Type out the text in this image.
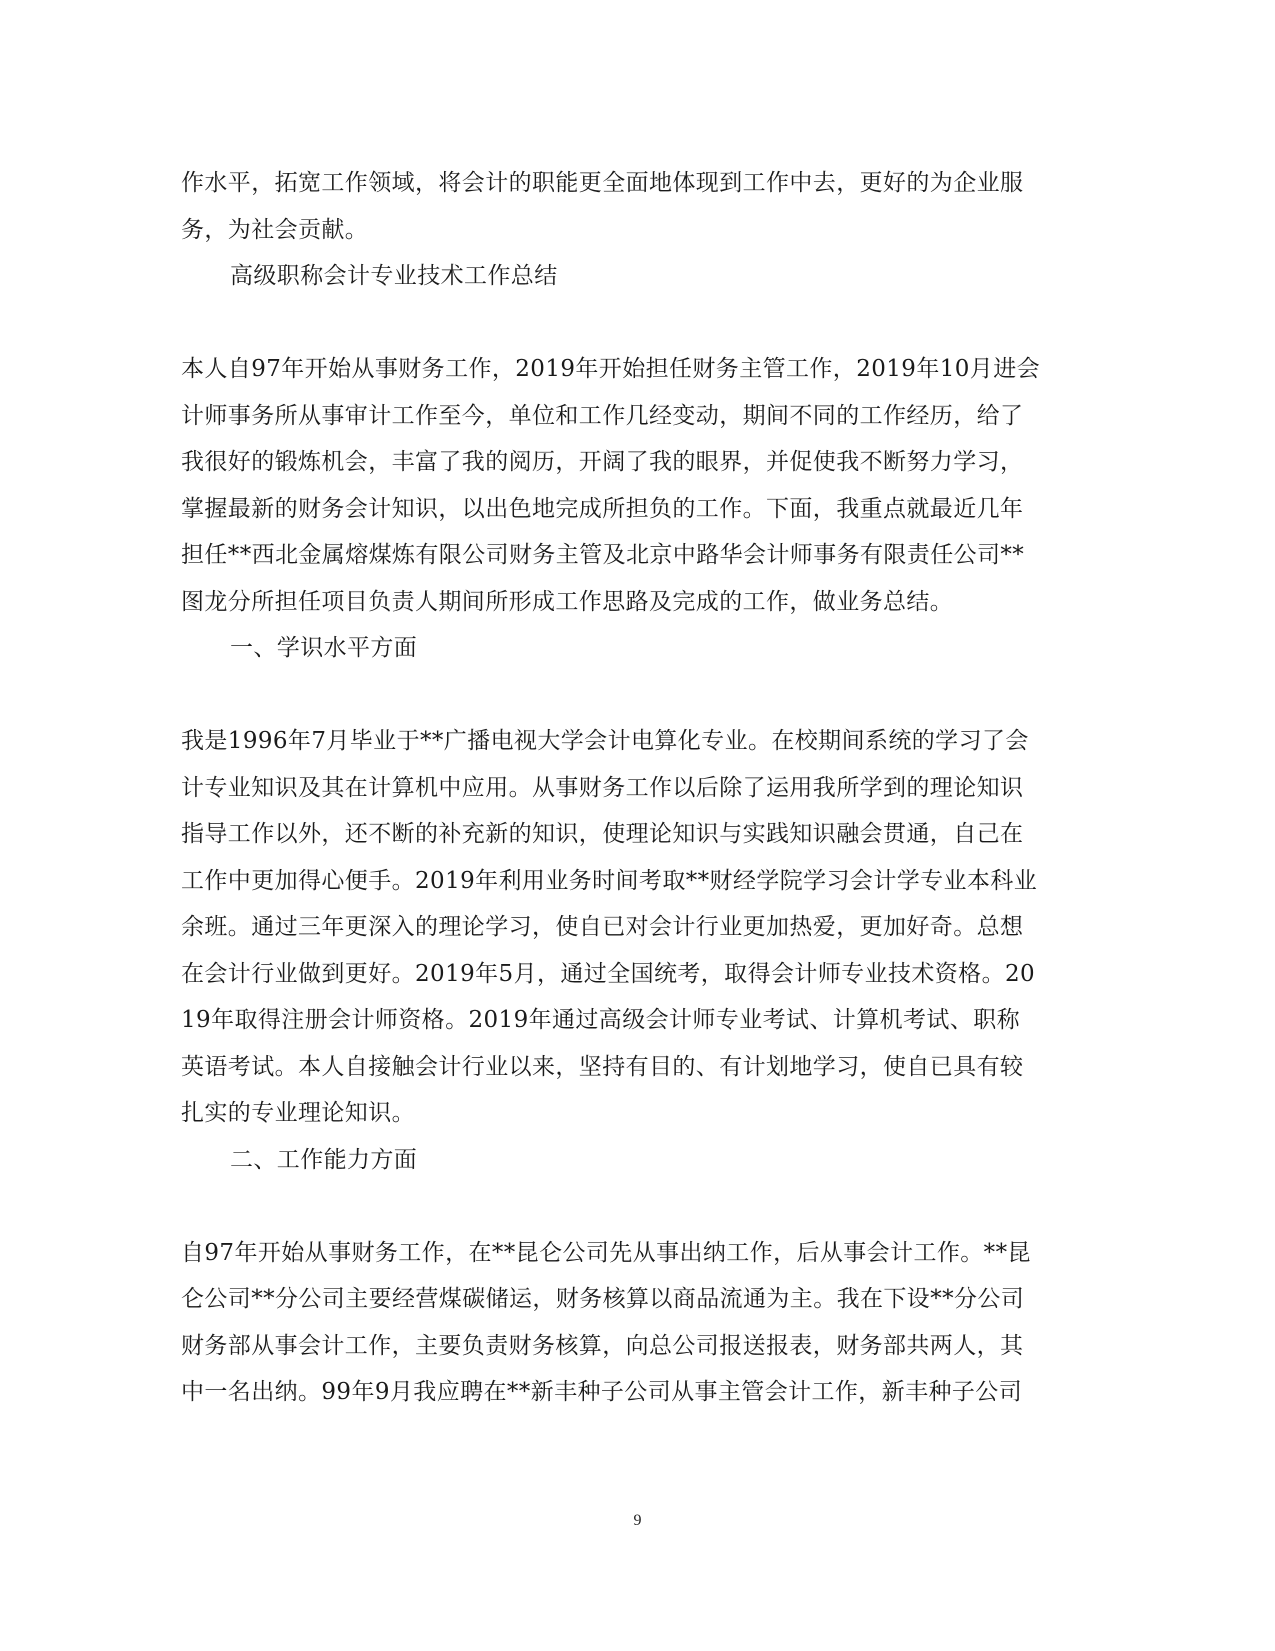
作水平，拓宽工作领域，将会计的职能更全面地体现到工作中去，更好的为企业服务，为社会贡献。

高级职称会计专业技术工作总结

本人自97年开始从事财务工作，2019年开始担任财务主管工作，2019年10月进会计师事务所从事审计工作至今，单位和工作几经变动，期间不同的工作经历，给了我很好的锻炼机会，丰富了我的阅历，开阔了我的眼界，并促使我不断努力学习，掌握最新的财务会计知识，以出色地完成所担负的工作。下面，我重点就最近几年担任**西北金属熔煤炼有限公司财务主管及北京中路华会计师事务有限责任公司**图龙分所担任项目负责人期间所形成工作思路及完成的工作，做业务总结。

一、学识水平方面

我是1996年7月毕业于**广播电视大学会计电算化专业。在校期间系统的学习了会计专业知识及其在计算机中应用。从事财务工作以后除了运用我所学到的理论知识指导工作以外，还不断的补充新的知识，使理论知识与实践知识融会贯通，自己在工作中更加得心便手。2019年利用业务时间考取**财经学院学习会计学专业本科业余班。通过三年更深入的理论学习，使自已对会计行业更加热爱，更加好奇。总想在会计行业做到更好。2019年5月，通过全国统考，取得会计师专业技术资格。2019年取得注册会计师资格。2019年通过高级会计师专业考试、计算机考试、职称英语考试。本人自接触会计行业以来，坚持有目的、有计划地学习，使自已具有较扎实的专业理论知识。

二、工作能力方面

自97年开始从事财务工作，在**昆仑公司先从事出纳工作，后从事会计工作。**昆仑公司**分公司主要经营煤碳储运，财务核算以商品流通为主。我在下设**分公司财务部从事会计工作，主要负责财务核算，向总公司报送报表，财务部共两人，其中一名出纳。99年9月我应聘在**新丰种子公司从事主管会计工作，新丰种子公司

9
